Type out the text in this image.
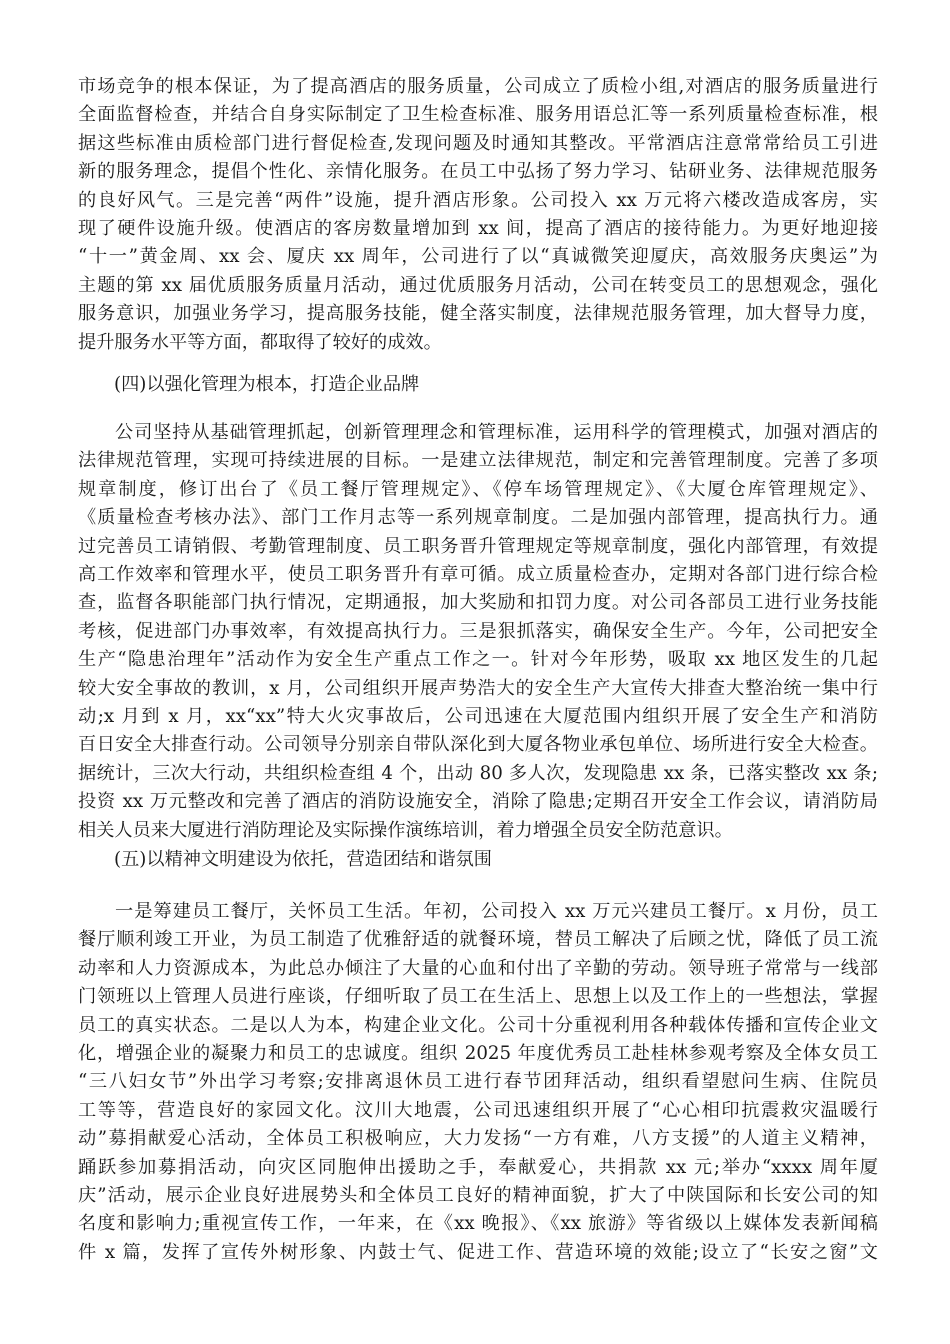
市场竞争的根本保证，为了提高酒店的服务质量，公司成立了质检小组,对酒店的服务质量进行
全面监督检查，并结合自身实际制定了卫生检查标准、服务用语总汇等一系列质量检查标准，根
据这些标准由质检部门进行督促检查,发现问题及时通知其整改。平常酒店注意常常给员工引进
新的服务理念，提倡个性化、亲情化服务。在员工中弘扬了努力学习、钻研业务、法律规范服务
的良好风气。三是完善“两件”设施，提升酒店形象。公司投入 xx 万元将六楼改造成客房，实
现了硬件设施升级。使酒店的客房数量增加到 xx 间，提高了酒店的接待能力。为更好地迎接
“十一”黄金周、xx 会、厦庆 xx 周年，公司进行了以“真诚微笑迎厦庆，高效服务庆奥运”为
主题的第 xx 届优质服务质量月活动，通过优质服务月活动，公司在转变员工的思想观念，强化
服务意识，加强业务学习，提高服务技能，健全落实制度，法律规范服务管理，加大督导力度，
提升服务水平等方面，都取得了较好的成效。
(四)以强化管理为根本，打造企业品牌
公司坚持从基础管理抓起，创新管理理念和管理标准，运用科学的管理模式，加强对酒店的
法律规范管理，实现可持续进展的目标。一是建立法律规范，制定和完善管理制度。完善了多项
规章制度，修订出台了《员工餐厅管理规定》、《停车场管理规定》、《大厦仓库管理规定》、
《质量检查考核办法》、部门工作月志等一系列规章制度。二是加强内部管理，提高执行力。通
过完善员工请销假、考勤管理制度、员工职务晋升管理规定等规章制度，强化内部管理，有效提
高工作效率和管理水平，使员工职务晋升有章可循。成立质量检查办，定期对各部门进行综合检
查，监督各职能部门执行情况，定期通报，加大奖励和扣罚力度。对公司各部员工进行业务技能
考核，促进部门办事效率，有效提高执行力。三是狠抓落实，确保安全生产。今年，公司把安全
生产“隐患治理年”活动作为安全生产重点工作之一。针对今年形势，吸取 xx 地区发生的几起
较大安全事故的教训，x 月，公司组织开展声势浩大的安全生产大宣传大排查大整治统一集中行
动;x 月到 x 月，xx“xx”特大火灾事故后，公司迅速在大厦范围内组织开展了安全生产和消防
百日安全大排查行动。公司领导分别亲自带队深化到大厦各物业承包单位、场所进行安全大检查。
据统计，三次大行动，共组织检查组 4 个，出动 80 多人次，发现隐患 xx 条，已落实整改 xx 条;
投资 xx 万元整改和完善了酒店的消防设施安全，消除了隐患;定期召开安全工作会议，请消防局
相关人员来大厦进行消防理论及实际操作演练培训，着力增强全员安全防范意识。
(五)以精神文明建设为依托，营造团结和谐氛围
一是筹建员工餐厅，关怀员工生活。年初，公司投入 xx 万元兴建员工餐厅。x 月份，员工
餐厅顺利竣工开业，为员工制造了优雅舒适的就餐环境，替员工解决了后顾之忧，降低了员工流
动率和人力资源成本，为此总办倾注了大量的心血和付出了辛勤的劳动。领导班子常常与一线部
门领班以上管理人员进行座谈，仔细听取了员工在生活上、思想上以及工作上的一些想法，掌握
员工的真实状态。二是以人为本，构建企业文化。公司十分重视利用各种载体传播和宣传企业文
化，增强企业的凝聚力和员工的忠诚度。组织 2025 年度优秀员工赴桂林参观考察及全体女员工
“三八妇女节”外出学习考察;安排离退休员工进行春节团拜活动，组织看望慰问生病、住院员
工等等，营造良好的家园文化。汶川大地震，公司迅速组织开展了“心心相印抗震救灾温暖行
动”募捐献爱心活动，全体员工积极响应，大力发扬“一方有难，八方支援”的人道主义精神，
踊跃参加募捐活动，向灾区同胞伸出援助之手，奉献爱心，共捐款 xx 元;举办“xxxx 周年厦
庆”活动，展示企业良好进展势头和全体员工良好的精神面貌，扩大了中陕国际和长安公司的知
名度和影响力;重视宣传工作，一年来，在《xx 晚报》、《xx 旅游》等省级以上媒体发表新闻稿
件 x 篇，发挥了宣传外树形象、内鼓士气、促进工作、营造环境的效能;设立了“长安之窗”文
